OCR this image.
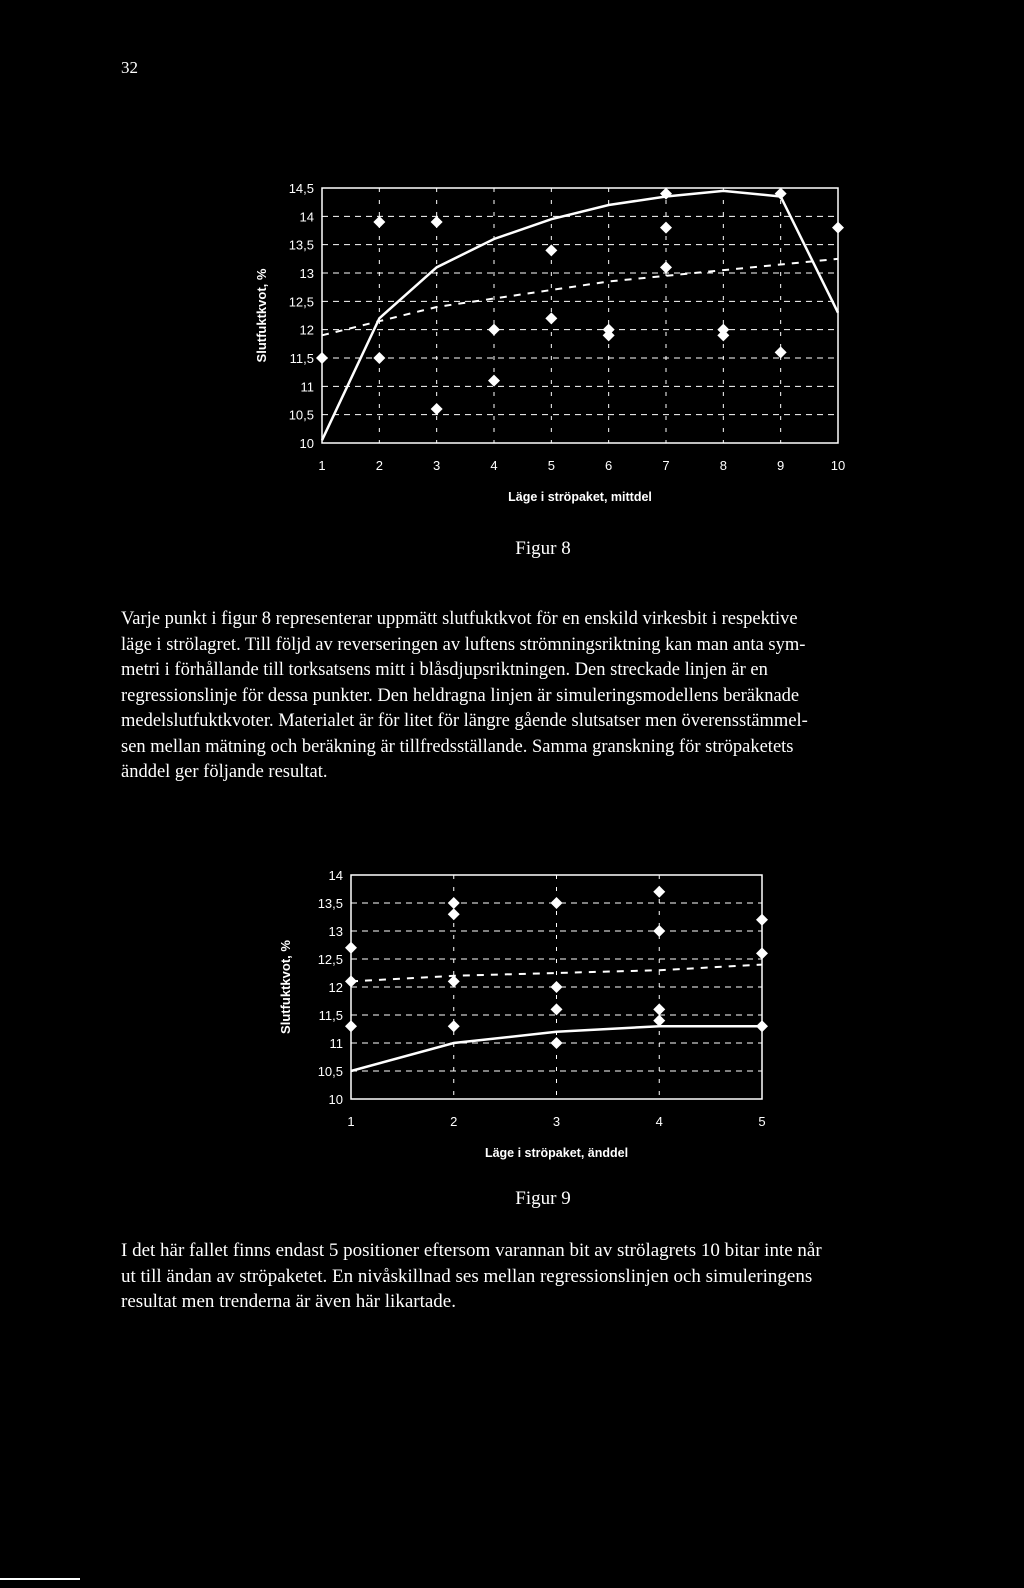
32
10
10,5
11
11,5
12
12,5
13
13,5
14
14,5
1	2	3	4	5	6	7	8	9	10
Läge i ströpaket, mittdel
Slutfuktkvot, %
10
10,5
11
11,5
12
12,5
13
13,5
14
1	2	3	4	5
Läge i ströpaket, änddel
Slutfuktkvot, %
Figur 8
Varje punkt i figur 8 representerar uppmätt slutfuktkvot för en enskild virkesbit i respektive
läge i strölagret. Till följd av reverseringen av luftens strömningsriktning kan man anta sym-
metri i förhållande till torksatsens mitt i blåsdjupsriktningen. Den streckade linjen är en
regressionslinje för dessa punkter. Den heldragna linjen är simuleringsmodellens beräknade
medelslutfuktkvoter. Materialet är för litet för längre gående slutsatser men överensstämmel-
sen mellan mätning och beräkning är tillfredsställande. Samma granskning för ströpaketets
änddel ger följande resultat.
Figur 9
I det här fallet finns endast 5 positioner eftersom varannan bit av strölagrets 10 bitar inte når
ut till ändan av ströpaketet. En nivåskillnad ses mellan regressionslinjen och simuleringens
resultat men trenderna är även här likartade.
